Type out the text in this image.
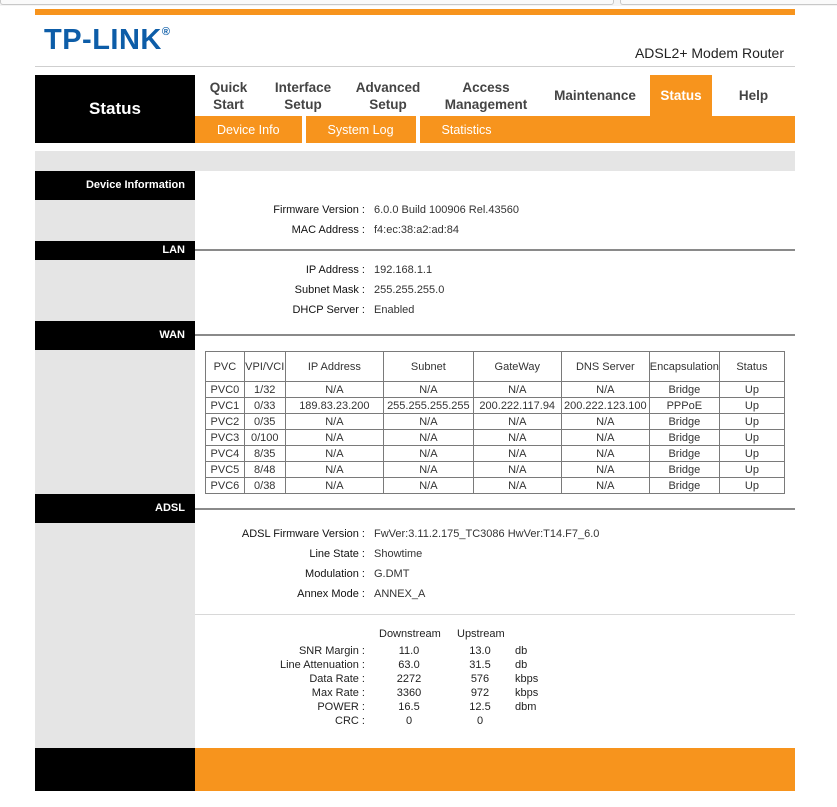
TP-LINK®
ADSL2+ Modem Router
Status
Quick
Start
Interface
Setup
Advanced
Setup
Access
Management
Maintenance	Status	Help
Device Info	System Log	Statistics
Device Information
Firmware Version : 6.0.0 Build 100906 Rel.43560
MAC Address : f4:ec:38:a2:ad:84
LAN
IP Address : 192.168.1.1
Subnet Mask : 255.255.255.0
DHCP Server : Enabled
WAN
PVC	VPI/VCI	IP Address	Subnet	GateWay	DNS Server	Encapsulation	Status
PVC0	1/32	N/A	N/A	N/A	N/A	Bridge	Up
PVC1	0/33	189.83.23.200	255.255.255.255	200.222.117.94	200.222.123.100	PPPoE	Up
PVC2	0/35	N/A	N/A	N/A	N/A	Bridge	Up
PVC3	0/100	N/A	N/A	N/A	N/A	Bridge	Up
PVC4	8/35	N/A	N/A	N/A	N/A	Bridge	Up
PVC5	8/48	N/A	N/A	N/A	N/A	Bridge	Up
PVC6	0/38	N/A	N/A	N/A	N/A	Bridge	Up
ADSL
ADSL Firmware Version : FwVer:3.11.2.175_TC3086 HwVer:T14.F7_6.0
Line State : Showtime
Modulation : G.DMT
Annex Mode : ANNEX_A
Downstream Upstream
SNR Margin :	11.0	13.0	db
Line Attenuation :	63.0	31.5	db
Data Rate :	2272	576	kbps
Max Rate :	3360	972	kbps
POWER :	16.5	12.5	dbm
CRC :	0	0
